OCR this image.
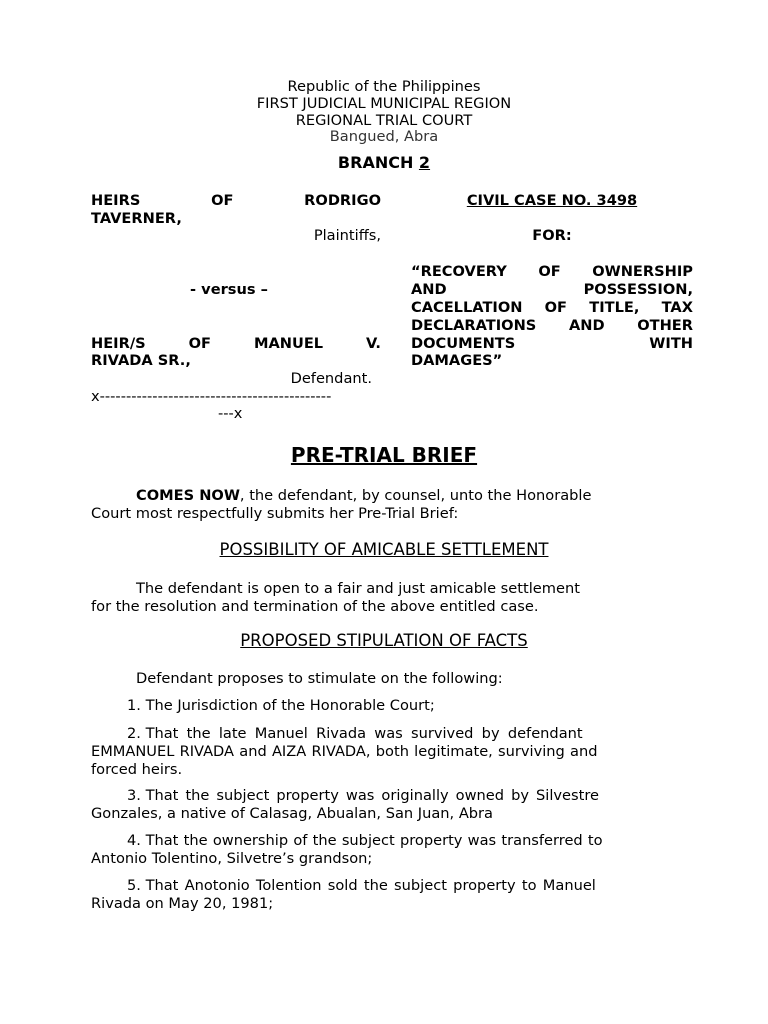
Republic of the Philippines
FIRST JUDICIAL MUNICIPAL REGION
REGIONAL TRIAL COURT
Bangued, Abra
BRANCH 2
HEIRS	OF	RODRIGO
TAVERNER,
Plaintiffs,
- versus –
HEIR/S	OF	MANUEL	V.
RIVADA SR.,
Defendant.
x--------------------------------------------
---x
CIVIL CASE NO. 3498
FOR:
“RECOVERY OF OWNERSHIP
AND	POSSESSION,
CACELLATION OF TITLE, TAX
DECLARATIONS AND OTHER
DOCUMENTS	WITH
DAMAGES”
PRE-TRIAL BRIEF

COMES NOW, the defendant, by counsel, unto the Honorable

Court most respectfully submits her Pre-Trial Brief:

POSSIBILITY OF AMICABLE SETTLEMENT

The defendant is open to a fair and just amicable settlement

for the resolution and termination of the above entitled case.

PROPOSED STIPULATION OF FACTS
Defendant proposes to stimulate on the following:
1. The Jurisdiction of the Honorable Court;

2. That the late Manuel Rivada was survived by defendant

EMMANUEL RIVADA and AIZA RIVADA, both legitimate, surviving and

forced heirs.

3. That the subject property was originally owned by Silvestre

Gonzales, a native of Calasag, Abualan, San Juan, Abra

4. That the ownership of the subject property was transferred to

Antonio Tolentino, Silvetre’s grandson;

5. That Anotonio Tolention sold the subject property to Manuel

Rivada on May 20, 1981;
